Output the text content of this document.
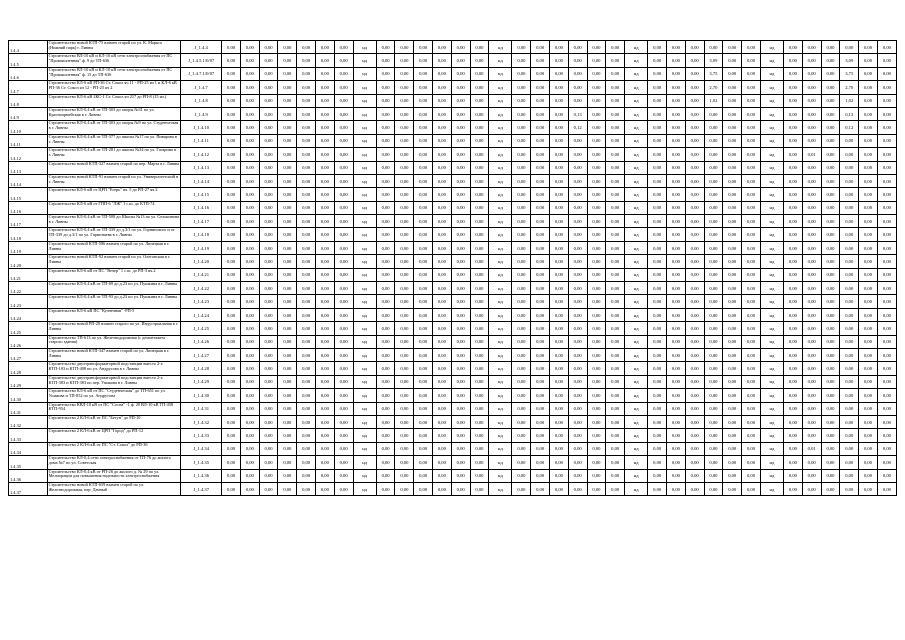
1.4.4	Строительство новой КТП-75 взамен старой по ул. К. Маркса (Нижний парк) г. Ливны	J_1.4.4	0,00	0,00	0,00	0,00	0,00	0,00	0,00	нд	0,00	0,00	0,00	0,00	0,00	0,00	нд	0,00	0,00	0,00	0,00	0,00	0,00	нд	0,00	0,00	0,00	0,00	0,00	0,00	нд	0,00	0,00	0,00	0,00	0,00	0,00
1.4.5	Строительство ВЛ-10 кВ и КЛ-10 кВ сети электроснабжения от ПС "Промышленная" ф. 9 до ТП-636	J_1.4.5.1/0/07	0,00	0,00	0,00	0,00	0,00	0,00	0,00	нд	0,00	0,00	0,00	0,00	0,00	0,00	нд	0,00	0,00	0,00	0,00	0,00	0,00	нд	0,00	0,00	0,00	3,09	0,00	0,00	нд	0,00	0,00	0,00	3,09	0,00	0,00
1.4.6	Строительство ВЛ-10 кВ и КЛ-10 кВ сети электроснабжения от ПС "Промышленная" ф. 15 до ТП-636	J_1.4.7.1/0/07	0,00	0,00	0,00	0,00	0,00	0,00	0,00	нд	0,00	0,00	0,00	0,00	0,00	0,00	нд	0,00	0,00	0,00	0,00	0,00	0,00	нд	0,00	0,00	0,00	3,75	0,00	0,00	нд	0,00	0,00	0,00	3,75	0,00	0,00
1.4.7	Строительство КЛ-6 кВ РП-36 Ст. Сокол яч 11 - РП-25 яч 1 и КЛ-6 кВ РП-36 Ст. Сокол яч 12 - РП-25 яч 2	J_1.4.7	0,00	0,00	0,00	0,00	0,00	0,00	0,00	нд	0,00	0,00	0,00	0,00	0,00	0,00	нд	0,00	0,00	0,00	0,00	0,00	0,00	нд	0,00	0,00	0,00	2,70	0,00	0,00	нд	0,00	0,00	0,00	2,70	0,00	0,00
1.4.8	Строительство КЛ-6 кВ 2КС-1 Ст. Сокол яч 217 до РП-8 (15 яч.)	J_1.4.8	0,00	0,00	0,00	0,00	0,00	0,00	0,00	нд	0,00	0,00	0,00	0,00	0,00	0,00	нд	0,00	0,00	0,00	0,00	0,00	0,00	нд	0,00	0,00	0,00	1,02	0,00	0,00	нд	0,00	0,00	0,00	1,02	0,00	0,00
1.4.9	Строительство КЛ-0,4 кВ от ТП-303 до опоры №31 по ул. Красноармейская в г. Ливны	J_1.4.9	0,00	0,00	0,00	0,00	0,00	0,00	0,00	нд	0,00	0,00	0,00	0,00	0,00	0,00	нд	0,00	0,00	0,00	0,13	0,00	0,00	нд	0,00	0,00	0,00	0,00	0,00	0,00	нд	0,00	0,00	0,00	0,13	0,00	0,00
1.4.10	Строительство КЛ-0,4 кВ от ТП-303 до опоры №9 по ул. Студенческая в г. Ливны	J_1.4.10	0,00	0,00	0,00	0,00	0,00	0,00	0,00	нд	0,00	0,00	0,00	0,00	0,00	0,00	нд	0,00	0,00	0,00	0,12	0,00	0,00	нд	0,00	0,00	0,00	0,00	0,00	0,00	нд	0,00	0,00	0,00	0,12	0,00	0,00
1.4.11	Строительство КЛ-0,4 кВ от ТП-377 до школы №17 по ул. Пиварова в г. Ливны	J_1.4.11	0,00	0,00	0,00	0,00	0,00	0,00	0,00	нд	0,00	0,00	0,00	0,00	0,00	0,00	нд	0,00	0,00	0,00	0,00	0,00	0,00	нд	0,00	0,00	0,00	0,00	0,00	0,00	нд	0,00	0,00	0,00	0,00	0,00	0,00
1.4.12	Строительство КЛ-0,4 кВ от ТП-281 до школы №34 по ул. Гагарина в г. Ливны	J_1.4.12	0,00	0,00	0,00	0,00	0,00	0,00	0,00	нд	0,00	0,00	0,00	0,00	0,00	0,00	нд	0,00	0,00	0,00	0,00	0,00	0,00	нд	0,00	0,00	0,00	0,00	0,00	0,00	нд	0,00	0,01	0,00	0,00	0,00	0,00
1.4.13	Строительство новой КТП-327 взамен старой по пер. Марта в г. Ливны	J_1.4.13	0,00	0,00	0,00	0,00	0,00	0,00	0,00	нд	0,00	0,00	0,00	0,00	0,00	0,00	нд	0,00	0,00	0,00	0,00	0,00	0,00	нд	0,00	0,00	0,00	0,00	0,00	0,00	нд	0,00	0,00	0,00	0,00	0,00	0,00
1.4.14	Строительство новой КТП-91 взамен старой по ул. Университетский в г. Ливны	J_1.4.14	0,00	0,00	0,00	0,00	0,00	0,00	0,00	нд	0,00	0,00	0,00	0,00	0,00	0,00	нд	0,00	0,00	0,00	0,00	0,00	0,00	нд	0,00	0,00	0,00	0,00	0,00	0,00	нд	0,00	0,00	0,00	0,00	0,00	0,00
1.4.15	Строительство КЛ-6 кВ от ЦРП "Егерь" яч. 5 до РП-27 яч.2	J_1.4.15	0,00	0,00	0,00	0,00	0,00	0,00	0,00	нд	0,00	0,00	0,00	0,00	0,00	0,00	нд	0,00	0,00	0,00	0,00	0,00	0,00	нд	0,00	0,00	0,00	0,00	0,00	0,00	нд	0,00	0,00	0,00	0,00	0,00	0,00
1.4.16	Строительство КЛ-6 кВ от ГПП-6 "ЛЖ" 1 с.ш. до КТП-74	J_1.4.16	0,00	0,00	0,00	0,00	0,00	0,00	0,00	нд	0,00	0,00	0,00	0,00	0,00	0,00	нд	0,00	0,00	0,00	0,00	0,00	0,00	нд	0,00	0,00	0,00	0,00	0,00	0,00	нд	0,00	0,00	0,00	0,00	0,00	0,00
1.4.17	Строительство КЛ-0,4 кВ от ТП-508 до Школы №13 по ул. Селькинова в г. Ливны	J_1.4.17	0,00	0,00	0,00	0,00	0,00	0,00	0,00	нд	0,00	0,00	0,00	0,00	0,00	0,00	нд	0,00	0,00	0,00	0,00	0,00	0,00	нд	0,00	0,00	0,00	0,00	0,00	0,00	нд	0,00	0,00	0,00	0,00	0,00	0,00
1.4.18	Строительство КЛ-0,4 кВ от ТП-339 до д.3/1 по ул. Горнинского и от ТП-339 до д.3/1 по ул. Гармонаева в г. Ливны	J_1.4.18	0,00	0,00	0,00	0,00	0,00	0,00	0,00	нд	0,00	0,00	0,00	0,00	0,00	0,00	нд	0,00	0,00	0,00	0,00	0,00	0,00	нд	0,00	0,00	0,00	0,00	0,00	0,00	нд	0,00	0,00	0,00	0,00	0,00	0,00
1.4.19	Строительство новой КТП-586 взамен старой по ул. Липецкая в г. Ливны	J_1.4.19	0,00	0,00	0,00	0,00	0,00	0,00	0,00	нд	0,00	0,00	0,00	0,00	0,00	0,00	нд	0,00	0,00	0,00	0,00	0,00	0,00	нд	0,00	0,00	0,00	0,00	0,00	0,00	нд	0,00	0,00	0,00	0,00	0,00	0,00
1.4.20	Строительство новой КТП-92 взамен старой по ул. Олеговская в г. Ливны	J_1.4.20	0,00	0,00	0,00	0,00	0,00	0,00	0,00	нд	0,00	0,00	0,00	0,00	0,00	0,00	нд	0,00	0,00	0,00	0,00	0,00	0,00	нд	0,00	0,00	0,00	0,00	0,00	0,00	нд	0,00	0,00	0,00	0,00	0,00	0,00
1.4.21	Строительство КЛ-6 кВ от ПС "Вечер" 1 с.ш. до РП-3 яч.2	J_1.4.21	0,00	0,00	0,00	0,00	0,00	0,00	0,00	нд	0,00	0,00	0,00	0,00	0,00	0,00	нд	0,00	0,00	0,00	0,00	0,00	0,00	нд	0,00	0,00	0,00	0,00	0,00	0,00	нд	0,00	0,00	0,00	0,00	0,00	0,00
1.4.22	Строительство КЛ-0,4 кВ от ТП-69 до д.23 по ул. Пушкина в г. Ливны	J_1.4.22	0,00	0,00	0,00	0,00	0,00	0,00	0,00	нд	0,00	0,00	0,00	0,00	0,00	0,00	нд	0,00	0,00	0,00	0,00	0,00	0,00	нд	0,00	0,00	0,00	0,00	0,00	0,00	нд	0,00	0,00	0,00	0,00	0,00	0,00
1.4.23	Строительство КЛ-0,4 кВ от ТП-93 до д.23 по ул. Пушкина в г. Ливны	J_1.4.23	0,00	0,00	0,00	0,00	0,00	0,00	0,00	нд	0,00	0,00	0,00	0,00	0,00	0,00	нд	0,00	0,00	0,00	0,00	0,00	0,00	нд	0,00	0,00	0,00	0,00	0,00	0,00	нд	0,00	0,00	0,00	0,00	0,00	0,00
1.4.24	Строительство КЛ-6 кВ ПС "Кузнечная" -РП-5	J_1.4.24	0,00	0,00	0,00	0,00	0,00	0,00	0,00	нд	0,00	0,00	0,00	0,00	0,00	0,00	нд	0,00	0,00	0,00	0,00	0,00	0,00	нд	0,00	0,00	0,00	0,00	0,00	0,00	нд	0,00	0,00	0,00	0,00	0,00	0,00
1.4.25	Строительство новой РП-20 взамен старого по ул. Индустриальная в г. Ливны	J_1.4.25	0,00	0,00	0,00	0,00	0,00	0,00	0,00	нд	0,00	0,00	0,00	0,00	0,00	0,00	нд	0,00	0,00	0,00	0,00	0,00	0,00	нд	0,00	0,00	0,00	0,00	0,00	0,00	нд	0,00	0,00	0,00	0,00	0,00	0,00
1.4.26	Строительство ТП-613 по ул. Железнодорожная (с демонтажем старого здания)	J_1.4.26	0,00	0,00	0,00	0,00	0,00	0,00	0,00	нд	0,00	0,00	0,00	0,00	0,00	0,00	нд	0,00	0,00	0,00	0,00	0,00	0,00	нд	0,00	0,00	0,00	0,00	0,00	0,00	нд	0,00	0,00	0,00	0,00	0,00	0,00
1.4.27	Строительство новой КТП-347 взамен старой по ул. Липецкая в г. Ливны	J_1.4.27	0,00	0,00	0,00	0,00	0,00	0,00	0,00	нд	0,00	0,00	0,00	0,00	0,00	0,00	нд	0,00	0,00	0,00	0,00	0,00	0,00	нд	0,00	0,00	0,00	0,00	0,00	0,00	нд	0,00	0,00	0,00	0,00	0,00	0,00
1.4.28	Строительство двухтрансформаторной подстанции вместо 2-х КТП-103 и КТП-408 по ул. Андрусова в г. Ливны	J_1.4.28	0,00	0,00	0,00	0,00	0,00	0,00	0,00	нд	0,00	0,00	0,00	0,00	0,00	0,00	нд	0,00	0,00	0,00	0,00	0,00	0,00	нд	0,00	0,00	0,00	0,00	0,00	0,00	нд	0,00	0,00	0,00	0,00	0,00	0,00
1.4.29	Строительство двухтрансформаторной подстанции вместо 2-х КТП-383 и КТП-383 по пер. Ушакова в г. Ливны	J_1.4.29	0,00	0,00	0,00	0,00	0,00	0,00	0,00	нд	0,00	0,00	0,00	0,00	0,00	0,00	нд	0,00	0,00	0,00	0,00	0,00	0,00	нд	0,00	0,00	0,00	0,00	0,00	0,00	нд	0,00	0,00	0,00	0,00	0,00	0,00
1.4.30	Строительство КЛ-6 кВ от ПС "Студенческая" до ТП-651 по ул. Ушакова и ТП-852 по ул. Андрусова	J_1.4.30	0,00	0,00	0,00	0,00	0,00	0,00	0,00	нд	0,00	0,00	0,00	0,00	0,00	0,00	нд	0,00	0,00	0,00	0,00	0,00	0,00	нд	0,00	0,00	0,00	0,00	0,00	0,00	нд	0,00	0,00	0,00	0,00	0,00	0,00
1.4.31	Строительство КВЛ-10 кВ от ПС "Сосна" -1 ф. 20 ВЛ-10 кВ ТП-458 КТП-954	J_1.4.31	0,00	0,00	0,00	0,00	0,00	0,00	0,00	нд	0,00	0,00	0,00	0,00	0,00	0,00	нд	0,00	0,00	0,00	0,00	0,00	0,00	нд	0,00	0,00	0,00	0,00	0,00	0,00	нд	0,00	0,00	0,00	0,00	0,00	0,00
1.4.32	Строительство 2 КЛ-6 кВ от ПС "Бегун" до РП-10	J_1.4.32	0,00	0,00	0,00	0,00	0,00	0,00	0,00	нд	0,00	0,00	0,00	0,00	0,00	0,00	нд	0,00	0,00	0,00	0,00	0,00	0,00	нд	0,00	0,00	0,00	0,00	0,00	0,00	нд	0,00	0,00	0,00	0,00	0,00	0,00
1.4.33	Строительство 2 КЛ-6 кВ от ЦРП "Город" до РП-12	J_1.4.33	0,00	0,00	0,00	0,00	0,00	0,00	0,00	нд	0,00	0,00	0,00	0,00	0,00	0,00	нд	0,00	0,00	0,00	0,00	0,00	0,00	нд	0,00	0,00	0,00	0,00	0,00	0,00	нд	0,00	0,00	0,00	0,00	0,00	0,00
1.4.34	Строительство 2 КЛ-6 кВ от ПС "Ст. Сокол" до РП-36	J_1.4.34	0,00	0,00	0,00	0,00	0,00	0,00	0,00	нд	0,00	0,00	0,00	0,00	0,00	0,00	нд	0,00	0,00	0,00	0,00	0,00	0,00	нд	0,00	0,00	0,00	0,00	0,00	0,00	нд	0,00	0,01	0,00	0,00	0,00	0,00
1.4.35	Строительство КЛ-0,4 сети электроснабжения от ТП-76 до жилого дома №7 по ул. Советская	J_1.4.35	0,00	0,00	0,00	0,00	0,00	0,00	0,00	нд	0,00	0,00	0,00	0,00	0,00	0,00	нд	0,00	0,00	0,00	0,00	0,00	0,00	нд	0,00	0,00	0,00	0,00	0,00	0,00	нд	0,00	0,00	0,00	0,00	0,00	0,00
1.4.36	Строительство КЛ-0,4 кВ от РП-26 до жилого д. № 29 по ул. Мелиорации для повышения надежности электроснабжения	J_1.4.36	0,00	0,00	0,00	0,00	0,00	0,00	0,00	нд	0,00	0,00	0,00	0,00	0,00	0,00	нд	0,00	0,00	0,00	0,00	0,00	0,00	нд	0,00	0,00	0,00	0,00	0,00	0,00	нд	0,00	0,00	0,00	0,00	0,00	0,00
1.4.37	Строительство новой КТП-659 взамен старой по ул. Железнодорожная, пер. Дачный	J_1.4.37	0,00	0,00	0,00	0,00	0,00	0,00	0,00	нд	0,00	0,00	0,00	0,00	0,00	0,00	нд	0,00	0,00	0,00	0,00	0,00	0,00	нд	0,00	0,00	0,00	0,00	0,00	0,00	нд	0,00	0,00	0,00	0,00	0,00	0,00
